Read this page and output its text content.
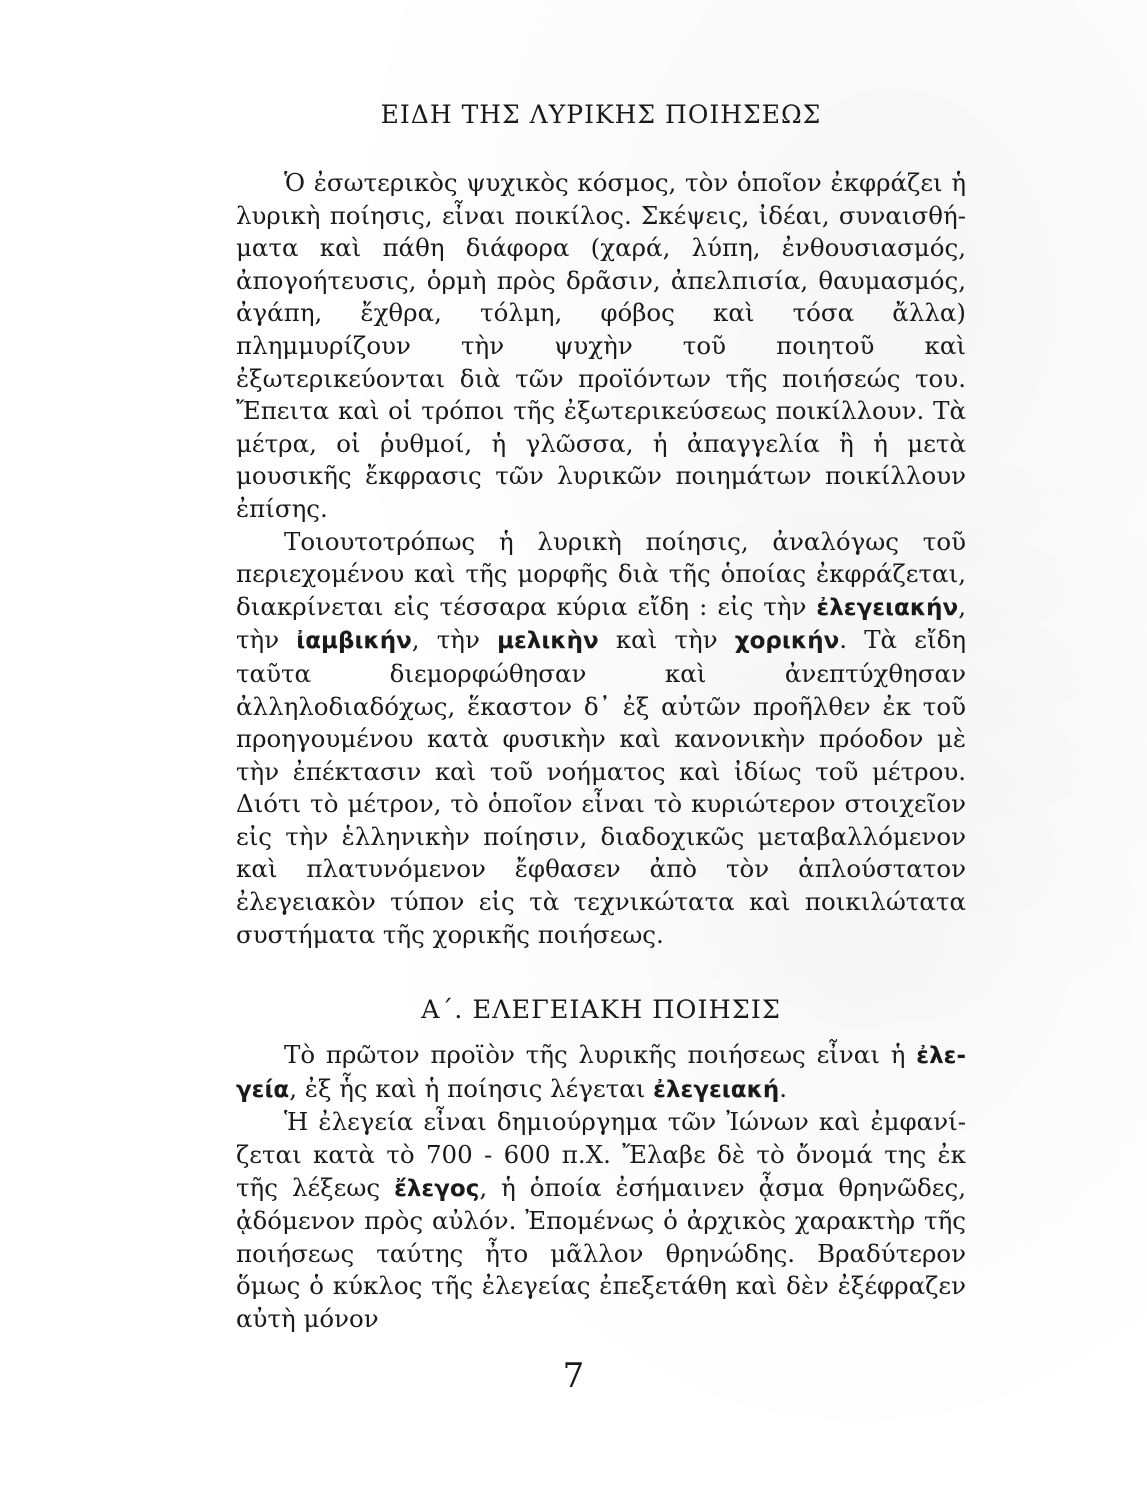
ΕΙΔΗ ΤΗΣ ΛΥΡΙΚΗΣ ΠΟΙΗΣΕΩΣ

Ὁ ἐσωτερικὸς ψυχικὸς κόσμος, τὸν ὁποῖον ἐκφράζει ἡ λυρικὴ ποίησις, εἶναι ποικίλος. Σκέψεις, ἰδέαι, συναισθήματα καὶ πάθη διάφορα (χαρά, λύπη, ἐνθουσιασμός, ἀπογοήτευσις, ὁρμὴ πρὸς δρᾶσιν, ἀπελπισία, θαυμασμός, ἀγάπη, ἔχθρα, τόλμη, φόβος καὶ τόσα ἄλλα) πλημμυρίζουν τὴν ψυχὴν τοῦ ποιητοῦ καὶ ἐξωτερικεύονται διὰ τῶν προϊόντων τῆς ποιήσεώς του. Ἔπειτα καὶ οἱ τρόποι τῆς ἐξωτερικεύσεως ποικίλλουν. Τὰ μέτρα, οἱ ῥυθμοί, ἡ γλῶσσα, ἡ ἀπαγγελία ἢ ἡ μετὰ μουσικῆς ἔκφρασις τῶν λυρικῶν ποιημάτων ποικίλλουν ἐπίσης.

Τοιουτοτρόπως ἡ λυρικὴ ποίησις, ἀναλόγως τοῦ περιεχομένου καὶ τῆς μορφῆς διὰ τῆς ὁποίας ἐκφράζεται, διακρίνεται εἰς τέσσαρα κύρια εἴδη : εἰς τὴν ἐλεγειακήν, τὴν ἰαμβικήν, τὴν μελικὴν καὶ τὴν χορικήν. Τὰ εἴδη ταῦτα διεμορφώθησαν καὶ ἀνεπτύχθησαν ἀλληλοδιαδόχως, ἕκαστον δ᾽ ἐξ αὐτῶν προῆλθεν ἐκ τοῦ προηγουμένου κατὰ φυσικὴν καὶ κανονικὴν πρόοδον μὲ τὴν ἐπέκτασιν καὶ τοῦ νοήματος καὶ ἰδίως τοῦ μέτρου. Διότι τὸ μέτρον, τὸ ὁποῖον εἶναι τὸ κυριώτερον στοιχεῖον εἰς τὴν ἑλληνικὴν ποίησιν, διαδοχικῶς μεταβαλλόμενον καὶ πλατυνόμενον ἔφθασεν ἀπὸ τὸν ἁπλούστατον ἐλεγειακὸν τύπον εἰς τὰ τεχνικώτατα καὶ ποικιλώτατα συστήματα τῆς χορικῆς ποιήσεως.

Α΄. ΕΛΕΓΕΙΑΚΗ ΠΟΙΗΣΙΣ

Τὸ πρῶτον προϊὸν τῆς λυρικῆς ποιήσεως εἶναι ἡ ἐλεγεία, ἐξ ἧς καὶ ἡ ποίησις λέγεται ἐλεγειακή.

Ἡ ἐλεγεία εἶναι δημιούργημα τῶν Ἰώνων καὶ ἐμφανίζεται κατὰ τὸ 700 - 600 π.Χ. Ἔλαβε δὲ τὸ ὄνομά της ἐκ τῆς λέξεως ἔλεγος, ἡ ὁποία ἐσήμαινεν ᾆσμα θρηνῶδες, ᾀδόμενον πρὸς αὐλόν. Ἐπομένως ὁ ἀρχικὸς χαρακτὴρ τῆς ποιήσεως ταύτης ἦτο μᾶλλον θρηνώδης. Βραδύτερον ὅμως ὁ κύκλος τῆς ἐλεγείας ἐπεξετάθη καὶ δὲν ἐξέφραζεν αὐτὴ μόνον

7
